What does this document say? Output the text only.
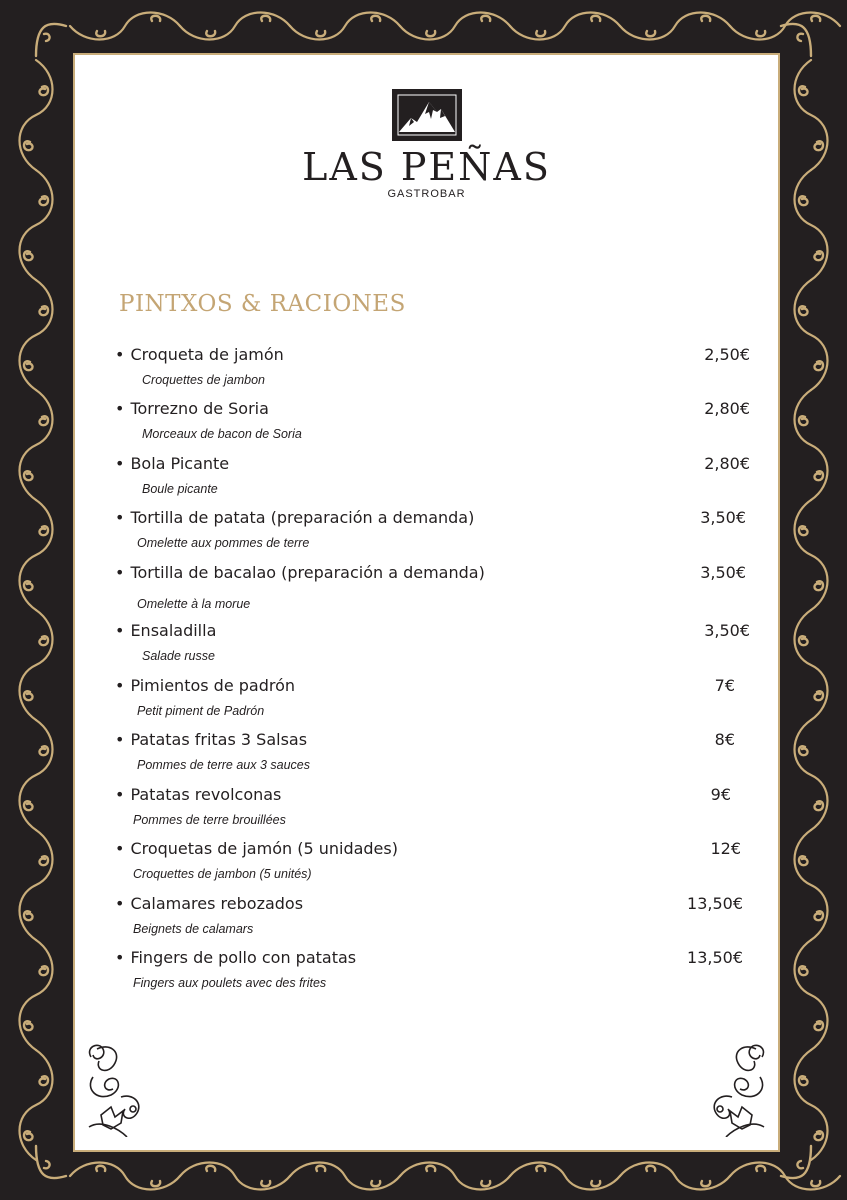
LAS PEÑAS
GASTROBAR
PINTXOS & RACIONES
• Croqueta de jamón	2,50€
Croquettes de jambon
• Torrezno de Soria	2,80€
Morceaux de bacon de Soria
• Bola Picante	2,80€
Boule picante
• Tortilla de patata (preparación a demanda)	3,50€
Omelette aux pommes de terre
• Tortilla de bacalao (preparación a demanda)	3,50€
Omelette à la morue
• Ensaladilla	3,50€
Salade russe
• Pimientos de padrón	7€
Petit piment de Padrón
• Patatas fritas 3 Salsas	8€
Pommes de terre aux 3 sauces
• Patatas revolconas	9€
Pommes de terre brouillées
• Croquetas de jamón (5 unidades)	12€
Croquettes de jambon (5 unités)
• Calamares rebozados	13,50€
Beignets de calamars
• Fingers de pollo con patatas	13,50€
Fingers aux poulets avec des frites
